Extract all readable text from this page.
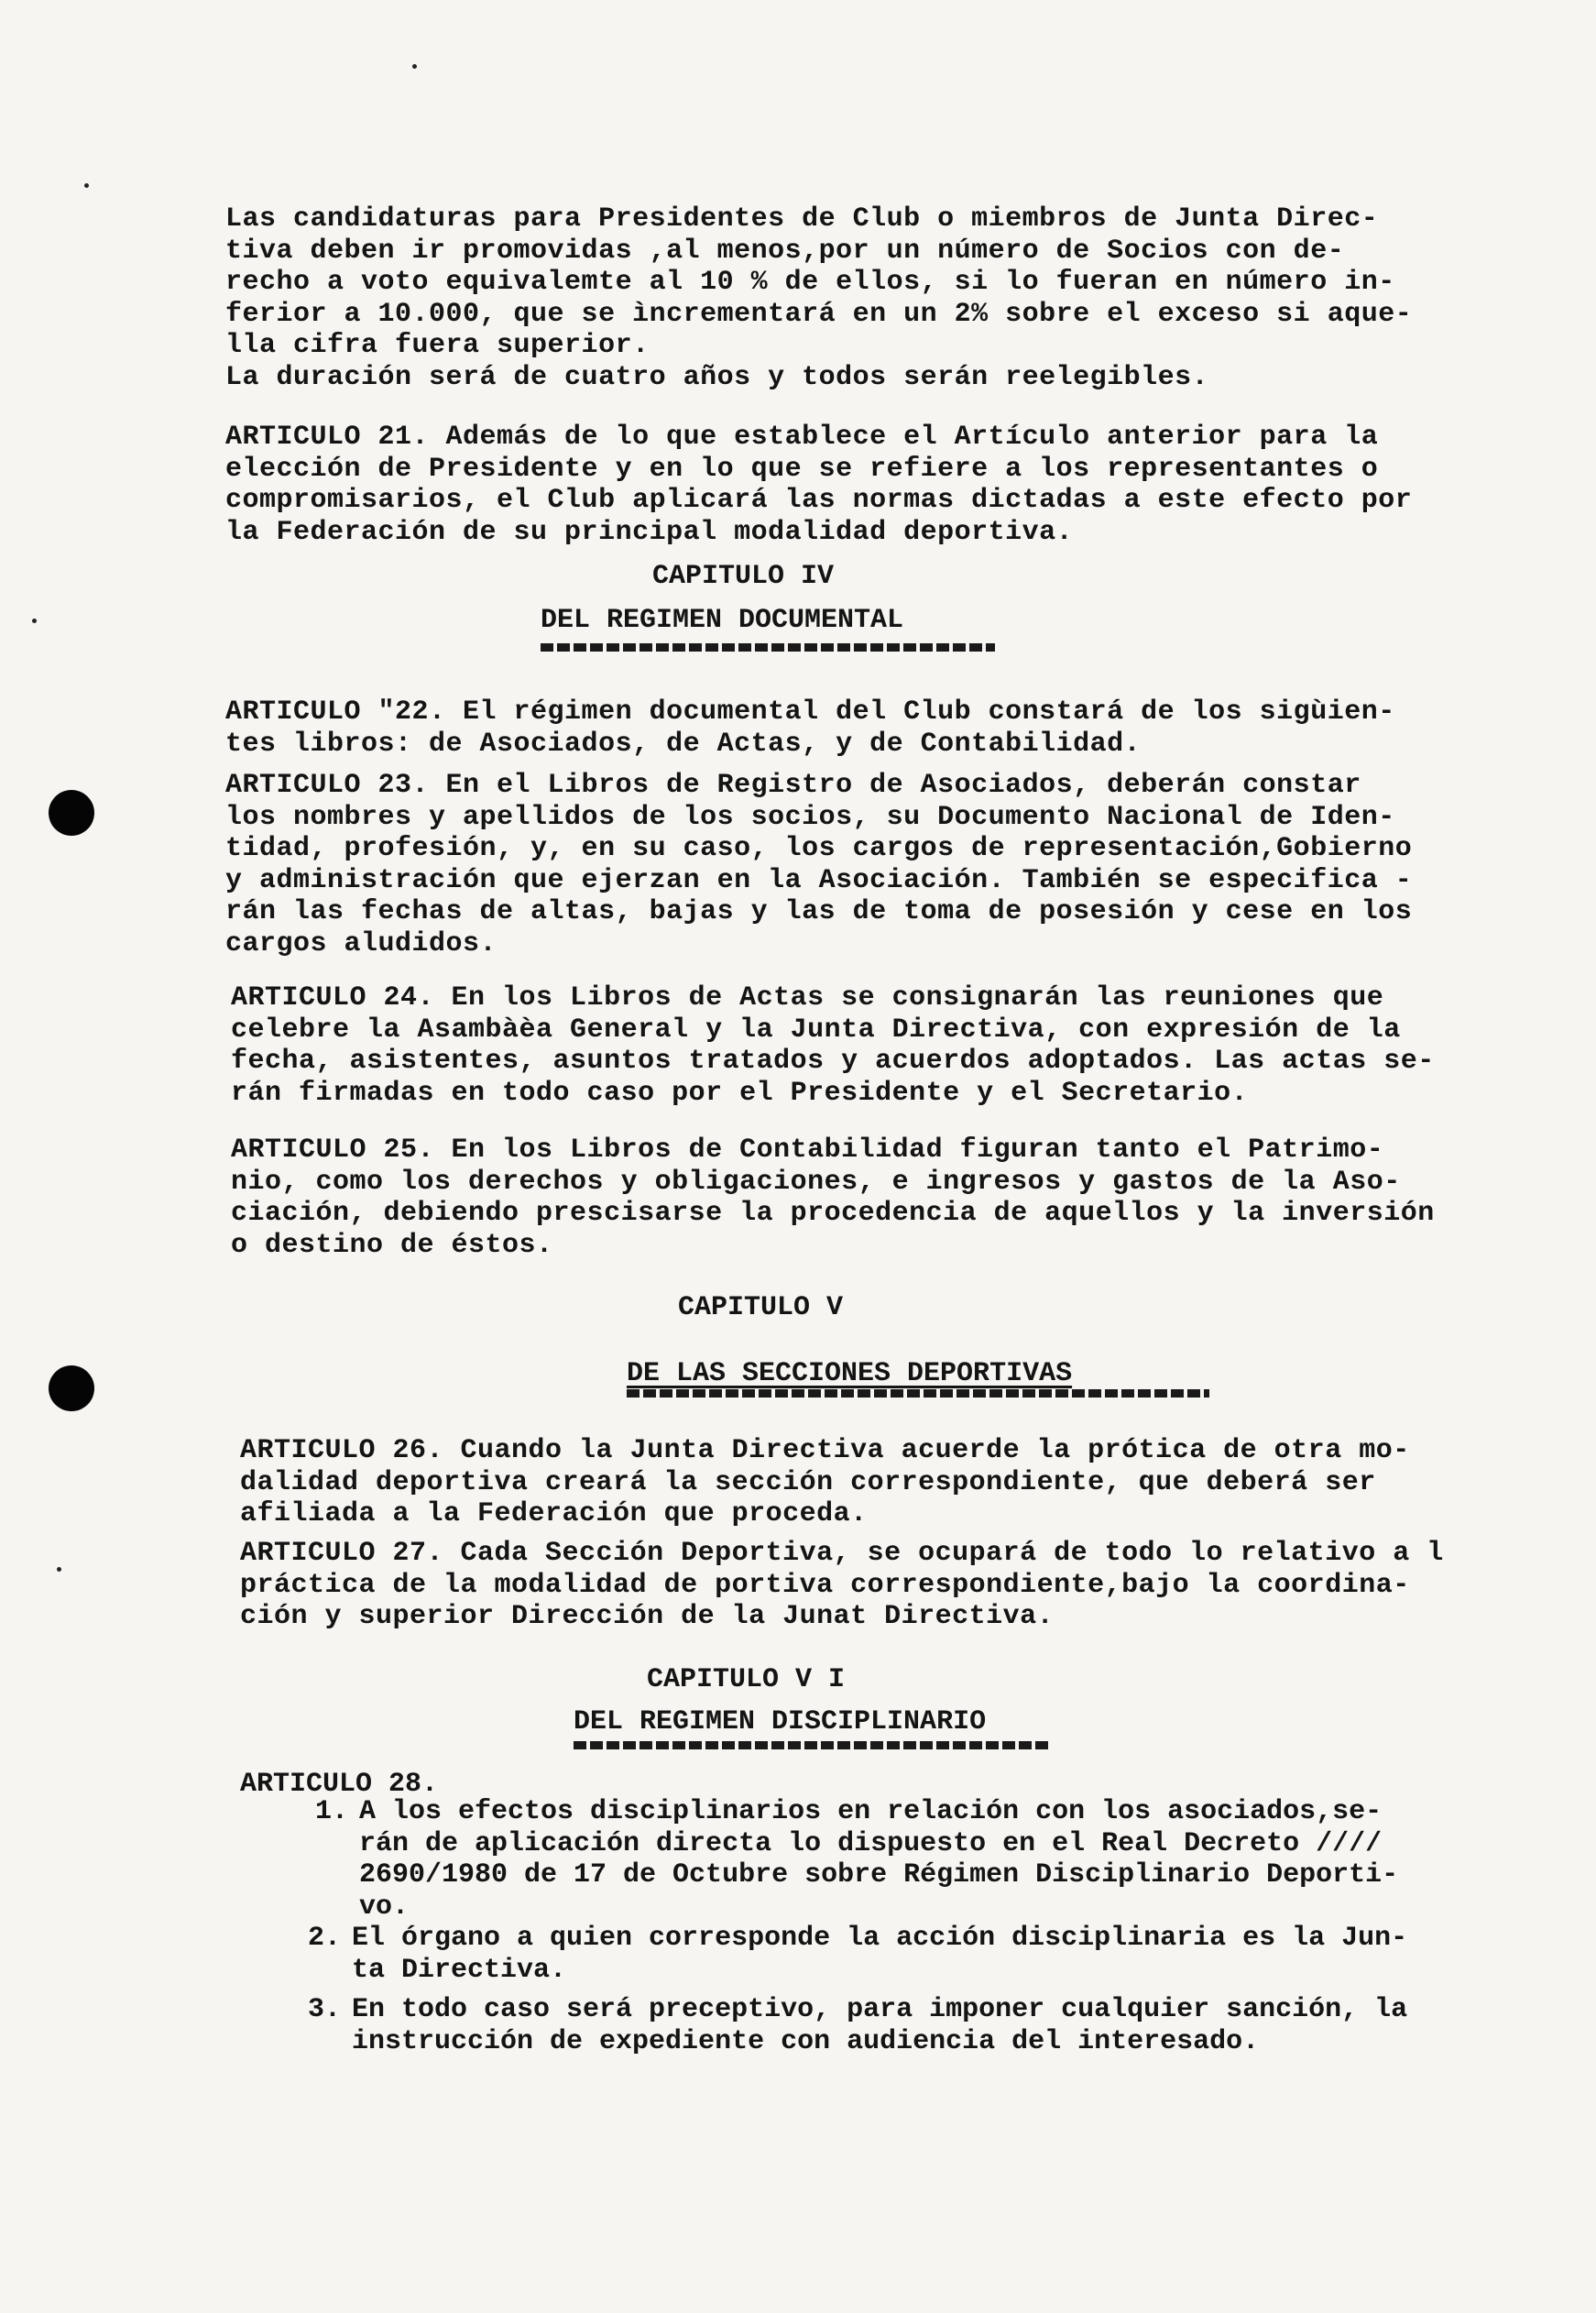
Las candidaturas para Presidentes de Club o miembros de Junta Direc-
tiva deben ir promovidas ,al menos,por un número de Socios con de-
recho a voto equivalemte al 10 % de ellos, si lo fueran en número in-
ferior a 10.000, que se ìncrementará en un 2% sobre el exceso si aque-
lla cifra fuera superior.
La duración será de cuatro años y todos serán reelegibles.
ARTICULO 21. Además de lo que establece el Artículo anterior para la
elección de Presidente y en lo que se refiere a los representantes o
compromisarios, el Club aplicará las normas dictadas a este efecto por
la Federación de su principal modalidad deportiva.
CAPITULO IV
DEL REGIMEN DOCUMENTAL
ARTICULO "22. El régimen documental del Club constará de los sigùien-
tes libros: de Asociados, de Actas, y de Contabilidad.
ARTICULO 23. En el Libros de Registro de Asociados, deberán constar
los nombres y apellidos de los socios, su Documento Nacional de Iden-
tidad, profesión, y, en su caso, los cargos de representación,Gobierno
y administración que ejerzan en la Asociación. También se especifica -
rán las fechas de altas, bajas y las de toma de posesión y cese en los
cargos aludidos.
ARTICULO 24. En los Libros de Actas se consignarán las reuniones que
celebre la Asambàèa General y la Junta Directiva, con expresión de la
fecha, asistentes, asuntos tratados y acuerdos adoptados. Las actas se-
rán firmadas en todo caso por el Presidente y el Secretario.
ARTICULO 25. En los Libros de Contabilidad figuran tanto el Patrimo-
nio, como los derechos y obligaciones, e ingresos y gastos de la Aso-
ciación, debiendo prescisarse la procedencia de aquellos y la inversión
o destino de éstos.
CAPITULO V
DE LAS SECCIONES DEPORTIVAS
ARTICULO 26. Cuando la Junta Directiva acuerde la prótica de otra mo-
dalidad deportiva creará la sección correspondiente, que deberá ser
afiliada a la Federación que proceda.
ARTICULO 27. Cada Sección Deportiva, se ocupará de todo lo relativo a l
práctica de la modalidad de portiva correspondiente,bajo la coordina-
ción y superior Dirección de la Junat Directiva.
CAPITULO V I
DEL REGIMEN DISCIPLINARIO
ARTICULO 28.
1. A los efectos disciplinarios en relación con los asociados,se-
rán de aplicación directa lo dispuesto en el Real Decreto ////
2690/1980 de 17 de Octubre sobre Régimen Disciplinario Deporti-
vo.
2. El órgano a quien corresponde la acción disciplinaria es la Jun-
ta Directiva.
3. En todo caso será preceptivo, para imponer cualquier sanción, la
instrucción de expediente con audiencia del interesado.
